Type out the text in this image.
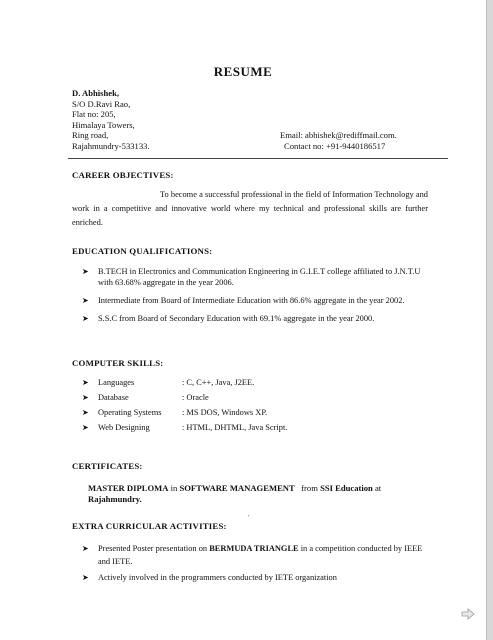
RESUME
D. Abhishek,
S/O D.Ravi Rao,
Flat no: 205,
Himalaya Towers,
Ring road,
Rajahmundry-533133.
Email: abhishek@rediffmail.com.
Contact no: +91-9440186517
CAREER OBJECTIVES:
To become a successful professional in the field of Information Technology and work in a competitive and innovative world where my technical and professional skills are further enriched.
EDUCATION QUALIFICATIONS:
➤ B.TECH in Electronics and Communication Engineering in G.I.E.T college affiliated to J.N.T.U with 63.68% aggregate in the year 2006.
➤ Intermediate from Board of Intermediate Education with 86.6% aggregate in the year 2002.
➤ S.S.C from Board of Secondary Education with 69.1% aggregate in the year 2000.
COMPUTER SKILLS:
➤ Languages	: C, C++, Java, J2EE.
➤ Database	: Oracle
➤ Operating Systems : MS DOS, Windows XP.
➤ Web Designing	: HTML, DHTML, Java Script.
CERTIFICATES:
MASTER DIPLOMA in SOFTWARE MANAGEMENT   from SSI Education at
Rajahmundry.
'
EXTRA CURRICULAR ACTIVITIES:
➤ Presented Poster presentation on BERMUDA TRIANGLE in a competition conducted by IEEE and IETE.
➤ Actively involved in the programmers conducted by IETE organization
